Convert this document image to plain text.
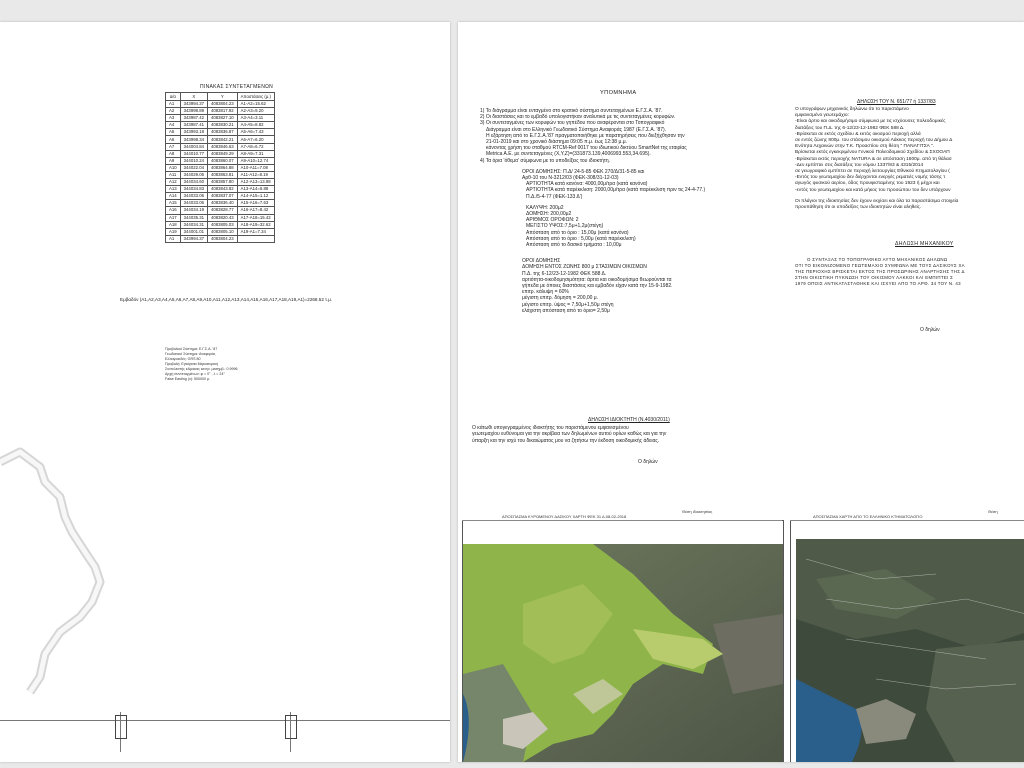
ΠΙΝΑΚΑΣ ΣΥΝΤΕΤΑΓΜΕΝΩΝ
α/α	X	Y	Αποστάσεις (μ.)
A1	343994.37	4083804.23	A1-A2=15.62
A2	343998.89	4083817.92	A2-A3=9.20
A3	343987.42	4083827.10	A3-A4=3.11
A4	343987.41	4083830.21	A4-A5=8.82
A5	343993.18	4083836.87	A5-A6=7.43
A6	343998.34	4083842.21	A6-A7=6.20
A7	344004.84	4083846.63	A7-A8=6.72
A8	344010.77	4083849.29	A8-A9=7.31
A9	344010.24	4083860.07	A9-A10=12.74
A10	344022.04	4083864.88	A10-A11=7.08
A11	344029.05	4083863.81	A11-A12=8.19
A12	344034.60	4083857.80	A12-A13=13.98
A13	344034.83	4083843.82	A13-A14=6.88
A14	344033.06	4083837.07	A14-A15=1.12
A15	344033.06	4083836.40	A15-A16=7.63
A16	344034.19	4083828.77	A16-A17=8.42
A17	344035.31	4083820.43	A17-A18=15.42
A18	344034.31	4083805.03	A18-A19=32.62
A19	344001.01	4083805.10	A19-A1=7.34
A1	343994.37	4083804.23	
Εμβαδόν (Α1,Α2,Α3,Α4,Α5,Α6,Α7,Α8,Α9,Α10,Α11,Α12,Α13,Α14,Α15,Α16,Α17,Α18,Α19,Α1)=2268.52 τ.μ.
Προβολικό Σύστημα: Ε.Γ.Σ.Α. '87
Γεωδαιτικό Σύστημα: Αναφοράς
Ελλειψοειδές: GRS 80
Προβολή: Εγκάρσια Μερκατορική
Συντελεστής κλίμακας κεντρ. μεσημβ.: 0.9996
Αρχή συντεταγμένων: φ = 0° , λ = 24°
False Easting (x): 500000 μ.
ΥΠΟΜΝΗΜΑ
1) Το διάγραμμα είναι ενταγμένο στο κρατικό σύστημα συντεταγμένων Ε.Γ.Σ.Α. '87.
2) Οι διαστάσεις και το εμβαδό υπολογιστήκαν αναλυτικά με τις συντεταγμένες κορυφών.
3) Οι συντεταγμένες των κορυφών του γηπέδου που αναφέρονται στο Τοπογραφικό
Διάγραμμα είναι στο Ελληνικό Γεωδαιτικό Σύστημα Αναφοράς 1987 (Ε.Γ.Σ.Α. '87).
Η εξάρτηση από το Ε.Γ.Σ.Α.'87 πραγματοποιήθηκε με παρατηρήσεις που διεξήχθησαν την
21-01-2019 και στο χρονικό διάστημα 09:05 π.μ. έως 12:38 μ.μ.
κάνοντας χρήση του σταθμού RTCM-Ref 0017 του ιδιωτικού δικτύου SmartNet της εταιρίας
Metrica A.E. με συντεταγμένες (X,Y,Z)=(331873.139,4006993.553,34.695).
4) Τα όρια 'όθεμα' σύμφωνα με το υποδείξεις του ιδιοκτήτη.
ΟΡΟΙ ΔΟΜΗΣΗΣ: Π.Δ/ 24-5-85 ΦΕΚ 270/Δ/31-5-85 και
Αρθ-10 του Ν-3212/03 (ΦΕΚ-308/31-12-03)
ΑΡΤΙΟΤΗΤΑ κατά κανόνα: 4000,00μ/τρα (κατά κανόνα)
ΑΡΤΙΟΤΗΤΑ κατά παρέκκλιση: 2000,00μ/τρα (κατά παρέκκλιση πριν τις 24-4-77.)
Π.Δ./5-4-77 (ΦΕΚ-133 Δ')
ΚΑΛΥΨΗ: 200μ2
ΔΟΜΗΣΗ: 200,00μ2
ΑΡΙΘΜΟΣ ΟΡΟΦΩΝ: 2
ΜΕΓΙΣΤΟ ΥΨΟΣ:7,5μ+1,2μ(στέγη)
Απόσταση από το όριο : 15,00μ (κατά κανόνα)
Απόσταση από το όριο : 5,00μ (κατά παρέκκλιση)
Απόσταση από το δασικό τμήματα : 10,00μ
ΟΡΟΙ ΔΟΜΗΣΗΣ
ΔΟΜΗΣΗ ΕΝΤΟΣ ΖΩΝΗΣ 800 μ ΣΤΑΣΙΜΩΝ ΟΙΚΙΣΜΩΝ
Π.Δ. της 6-12/23-12-1982 ΦΕΚ 588 Δ.
αρτιότητα-οικοδομησιμότητα: άρτια και οικοδομήσιμα θεωρούνται τα
γήπεδα με όποιες διαστάσεις και εμβαδόν είχαν κατά την 15-9-1982.
επιτρ. κάλυψη = 60%
μέγιστη επιτρ. δόμηση = 200,00 μ.
μέγιστο επιτρ. ύψος = 7,50μ+1,50μ στέγη
ελάχιστη απόσταση από το όριο= 2,50μ
ΔΗΛΩΣΗ ΙΔΙΟΚΤΗΤΗ (Ν.4030/2011)
Ο κάτωθι υπογεγραμμένος ιδιοκτήτης του παριστάμενου εμφανισμένου
γεωτεμαχίου ευθύνομαι για την ακρίβεια των δηλωμένων αυτού ορίων καθώς και για την
ύπαρξη και την ισχύ του δικαιώματος μου να ζητήσω την έκδοση οικοδομικής άδειας.
Ο δηλών
ΔΗΛΩΣΗ ΤΟΥ Ν. 651/77 ή 1337/83
Ο υπογράφων μηχανικός δηλώνω ότι το παριστάμενο
εμφανισμένο γεωτεμάχιο:
-Είναι άρτιο και οικοδομήσιμο σύμφωνα με τις ισχύουσες πολεοδομικές
διατάξεις του Π.Δ. της 6-12/23-12-1982 ΦΕΚ 588 Δ.
-Βρίσκεται σε εκτός σχεδίου & εκτός οικισμού περιοχή αλλά
σε εντός ζώνης 800μ. του στάσιμου οικισμού Λάκκος περιοχή του Δήμου Δ
Ενότητα Λεχαινών στην Τ.Κ. Προαστίου στη θέση " ΠΑΝΑΓΙΤΣΑ ".
Βρίσκεται εκτός εγκεκριμένου Γενικού Πολεοδομικού Σχεδίου & ΣΧΟΟΑΠ
-Βρίσκεται εκτός περιοχής NATURA & σε απόσταση 1600μ. από τη θάλασ
-Δεν εμπίπτει στις διατάξεις του νόμου 1337/83 & 4315/2014
σε γεωγραφικό εμπίπτει σε περιοχή λειτουργίας Εθνικού Κτηματολογίου (
-Εντός του γεωτεμαχίου δεν διέρχονται ενεργές ρεματιές νομής τάσης τ
αγωγός φυσικού αερίου, όδος προυφισταμένης του 1923 ή μέχρι και
-εντός του γεωτεμαχίου και κατά μήκος του προσώπου του δεν υπάρχουν
Οι πλάγιοι της ιδιοκτησίας δεν έχουν εκχίσει και όλα τα παραστάσιμα στοιχεία
προυπάθηση ότι οι υποδείξεις των ιδιοκτητών είναι αληθείς.
ΔΗΛΩΣΗ ΜΗΧΑΝΙΚΟΥ
Ο ΣΥΝΤΑΞΑΣ ΤΟ ΤΟΠΟΓΡΑΦΙΚΟ ΑΥΤΟ ΜΗΧΑΝΙΚΟΣ ΔΗΛΩΝΩ
ΟΤΙ ΤΟ ΕΙΚΟΝΙΖΟΜΕΝΟ ΓΕΩΤΕΜΑΧΙΟ ΣΥΜΦΩΝΑ ΜΕ ΤΟΥΣ ΔΑΣΙΚΟΥΣ ΧΑ
ΤΗΣ ΠΕΡΙΟΧΗΣ ΒΡΙΣΚΕΤΑΙ ΕΚΤΟΣ ΤΗΣ ΠΡΟΣΩΡΙΝΗΣ ΑΝΑΡΤΗΣΗΣ ΤΗΣ Δ
ΣΤΗΝ ΟΙΚΙΣΤΙΚΗ ΠΥΚΝΩΣΗ ΤΟΥ ΟΙΚΙΣΜΟΥ ΛΑΚΚΟΙ ΚΑΙ ΕΜΠΙΠΤΕΙ Σ
1979 ΟΠΟΙΣ ΑΝΤΙΚΑΤΑΣΤΑΘΗΚΕ ΚΑΙ ΙΣΧΥΕΙ ΑΠΟ ΤΟ ΑΡΘ. 34 ΤΟΥ Ν. 43
Ο δηλών
ΑΠΟΣΠΑΣΜΑ ΚΥΡΩΜΕΝΟΥ ΔΑΣΙΚΟΥ ΧΑΡΤΗ ΦΕΚ 31 Δ.08-02-2018
Θέση ιδιοκτησίας
ΑΠΟΣΠΑΣΜΑ ΧΑΡΤΗ ΑΠΟ ΤΟ ΕΛΛΗΝΙΚΟ ΚΤΗΜΑΤΟΛΟΓΙΟ
Θέση
